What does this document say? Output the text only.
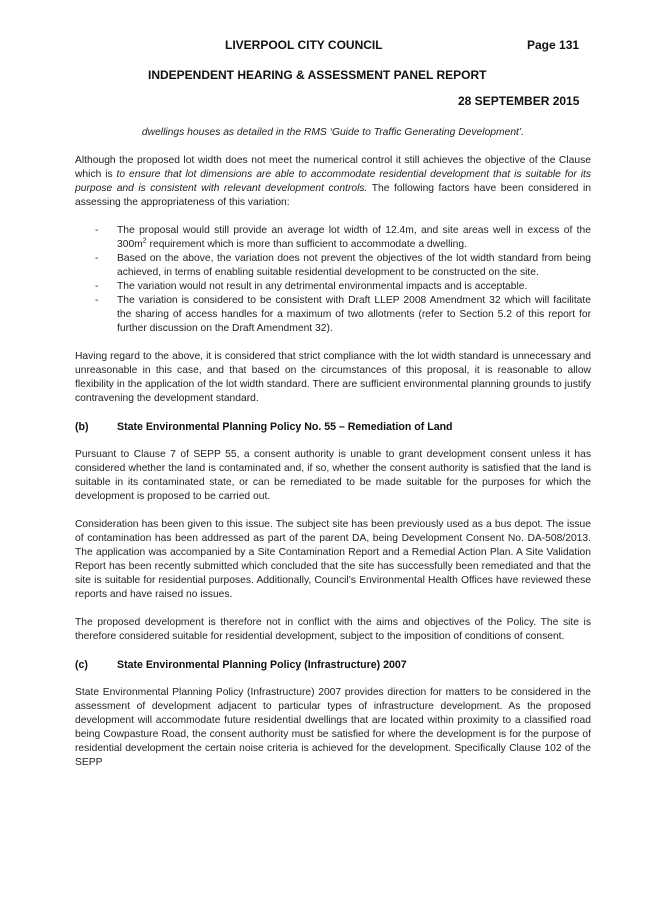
LIVERPOOL CITY COUNCIL	Page 131
INDEPENDENT HEARING & ASSESSMENT PANEL REPORT
28 SEPTEMBER 2015

dwellings houses as detailed in the RMS ‘Guide to Traffic Generating Development’.

Although the proposed lot width does not meet the numerical control it still achieves the objective of the Clause which is to ensure that lot dimensions are able to accommodate residential development that is suitable for its purpose and is consistent with relevant development controls. The following factors have been considered in assessing the appropriateness of this variation:

- The proposal would still provide an average lot width of 12.4m, and site areas well in excess of the $300m^2$ requirement which is more than sufficient to accommodate a dwelling.
- Based on the above, the variation does not prevent the objectives of the lot width standard from being achieved, in terms of enabling suitable residential development to be constructed on the site.
- The variation would not result in any detrimental environmental impacts and is acceptable.
- The variation is considered to be consistent with Draft LLEP 2008 Amendment 32 which will facilitate the sharing of access handles for a maximum of two allotments (refer to Section 5.2 of this report for further discussion on the Draft Amendment 32).

Having regard to the above, it is considered that strict compliance with the lot width standard is unnecessary and unreasonable in this case, and that based on the circumstances of this proposal, it is reasonable to allow flexibility in the application of the lot width standard. There are sufficient environmental planning grounds to justify contravening the development standard.

(b)	State Environmental Planning Policy No. 55 – Remediation of Land

Pursuant to Clause 7 of SEPP 55, a consent authority is unable to grant development consent unless it has considered whether the land is contaminated and, if so, whether the consent authority is satisfied that the land is suitable in its contaminated state, or can be remediated to be made suitable for the purposes for which the development is proposed to be carried out.

Consideration has been given to this issue. The subject site has been previously used as a bus depot. The issue of contamination has been addressed as part of the parent DA, being Development Consent No. DA-508/2013. The application was accompanied by a Site Contamination Report and a Remedial Action Plan. A Site Validation Report has been recently submitted which concluded that the site has successfully been remediated and that the site is suitable for residential purposes. Additionally, Council’s Environmental Health Offices have reviewed these reports and have raised no issues.

The proposed development is therefore not in conflict with the aims and objectives of the Policy. The site is therefore considered suitable for residential development, subject to the imposition of conditions of consent.

(c)	State Environmental Planning Policy (Infrastructure) 2007

State Environmental Planning Policy (Infrastructure) 2007 provides direction for matters to be considered in the assessment of development adjacent to particular types of infrastructure development. As the proposed development will accommodate future residential dwellings that are located within proximity to a classified road being Cowpasture Road, the consent authority must be satisfied for where the development is for the purpose of residential development the certain noise criteria is achieved for the development. Specifically Clause 102 of the SEPP
